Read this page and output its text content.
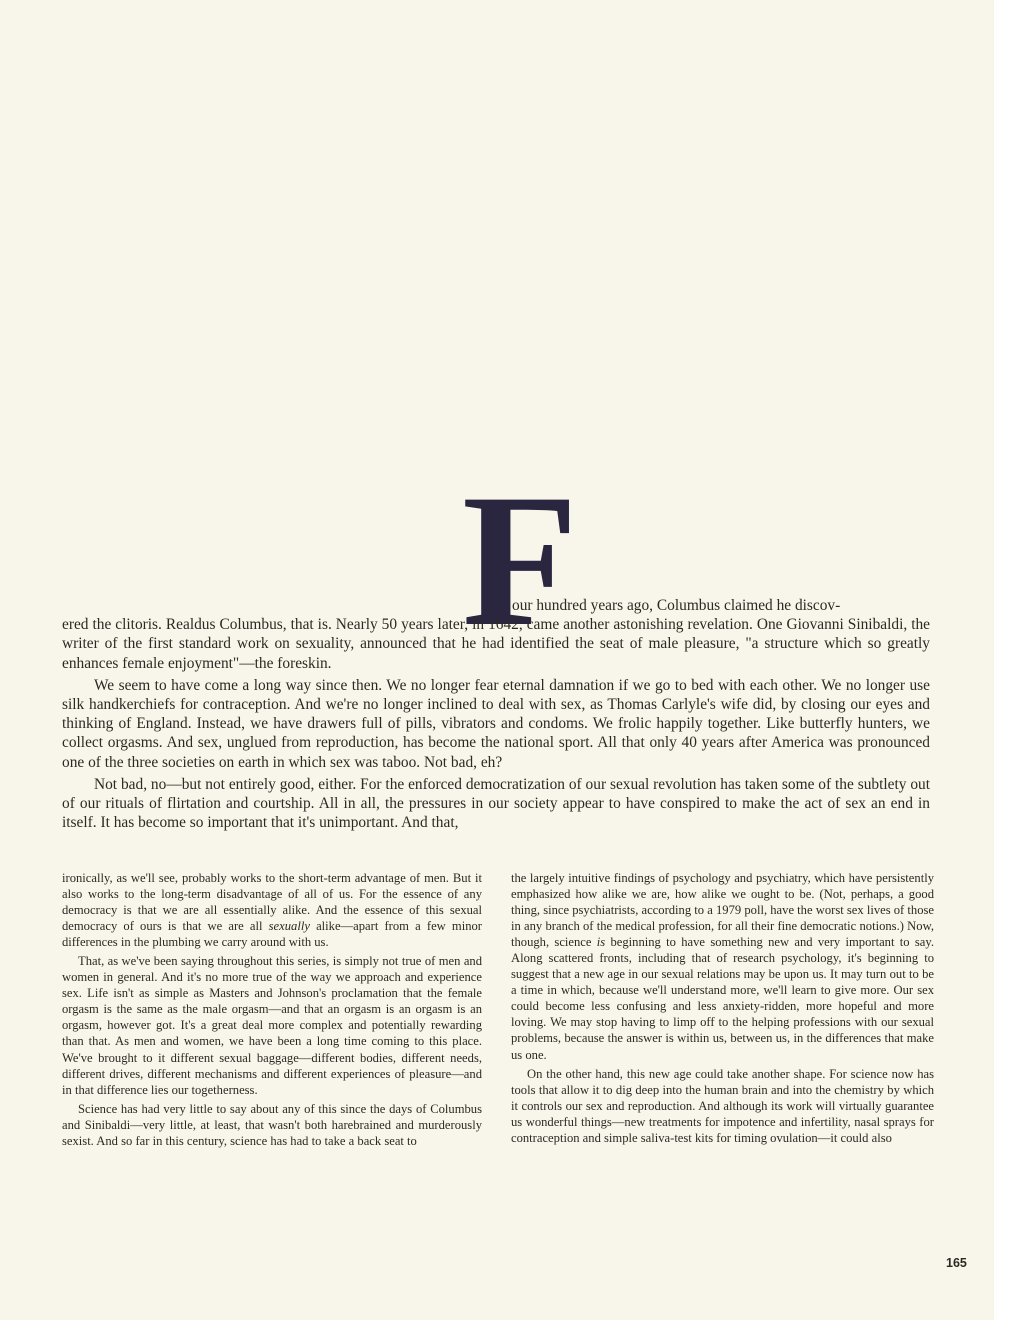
F

our hundred years ago, Columbus claimed he discov-
ered the clitoris. Realdus Columbus, that is. Nearly 50 years later, in 1642, came another astonishing revelation. One Giovanni Sinibaldi, the writer of the first standard work on sexuality, announced that he had identified the seat of male pleasure, "a structure which so greatly enhances female enjoyment"—the foreskin.

We seem to have come a long way since then. We no longer fear eternal damnation if we go to bed with each other. We no longer use silk handkerchiefs for contraception. And we're no longer inclined to deal with sex, as Thomas Carlyle's wife did, by closing our eyes and thinking of England. Instead, we have drawers full of pills, vibrators and condoms. We frolic happily together. Like butterfly hunters, we collect orgasms. And sex, unglued from reproduction, has become the national sport. All that only 40 years after America was pronounced one of the three societies on earth in which sex was taboo. Not bad, eh?

Not bad, no—but not entirely good, either. For the enforced democratization of our sexual revolution has taken some of the subtlety out of our rituals of flirtation and courtship. All in all, the pressures in our society appear to have conspired to make the act of sex an end in itself. It has become so important that it's unimportant. And that,

ironically, as we'll see, probably works to the short-term advantage of men. But it also works to the long-term disadvantage of all of us. For the essence of any democracy is that we are all essentially alike. And the essence of this sexual democracy of ours is that we are all sexually alike—apart from a few minor differences in the plumbing we carry around with us.

That, as we've been saying throughout this series, is simply not true of men and women in general. And it's no more true of the way we approach and experience sex. Life isn't as simple as Masters and Johnson's proclamation that the female orgasm is the same as the male orgasm—and that an orgasm is an orgasm is an orgasm, however got. It's a great deal more complex and potentially rewarding than that. As men and women, we have been a long time coming to this place. We've brought to it different sexual baggage—different bodies, different needs, different drives, different mechanisms and different experiences of pleasure—and in that difference lies our togetherness.

Science has had very little to say about any of this since the days of Columbus and Sinibaldi—very little, at least, that wasn't both harebrained and murderously sexist. And so far in this century, science has had to take a back seat to

the largely intuitive findings of psychology and psychiatry, which have persistently emphasized how alike we are, how alike we ought to be. (Not, perhaps, a good thing, since psychiatrists, according to a 1979 poll, have the worst sex lives of those in any branch of the medical profession, for all their fine democratic notions.) Now, though, science is beginning to have something new and very important to say. Along scattered fronts, including that of research psychology, it's beginning to suggest that a new age in our sexual relations may be upon us. It may turn out to be a time in which, because we'll understand more, we'll learn to give more. Our sex could become less confusing and less anxiety-ridden, more hopeful and more loving. We may stop having to limp off to the helping professions with our sexual problems, because the answer is within us, between us, in the differences that make us one.

On the other hand, this new age could take another shape. For science now has tools that allow it to dig deep into the human brain and into the chemistry by which it controls our sex and reproduction. And although its work will virtually guarantee us wonderful things—new treatments for impotence and infertility, nasal sprays for contraception and simple saliva-test kits for timing ovulation—it could also

165
